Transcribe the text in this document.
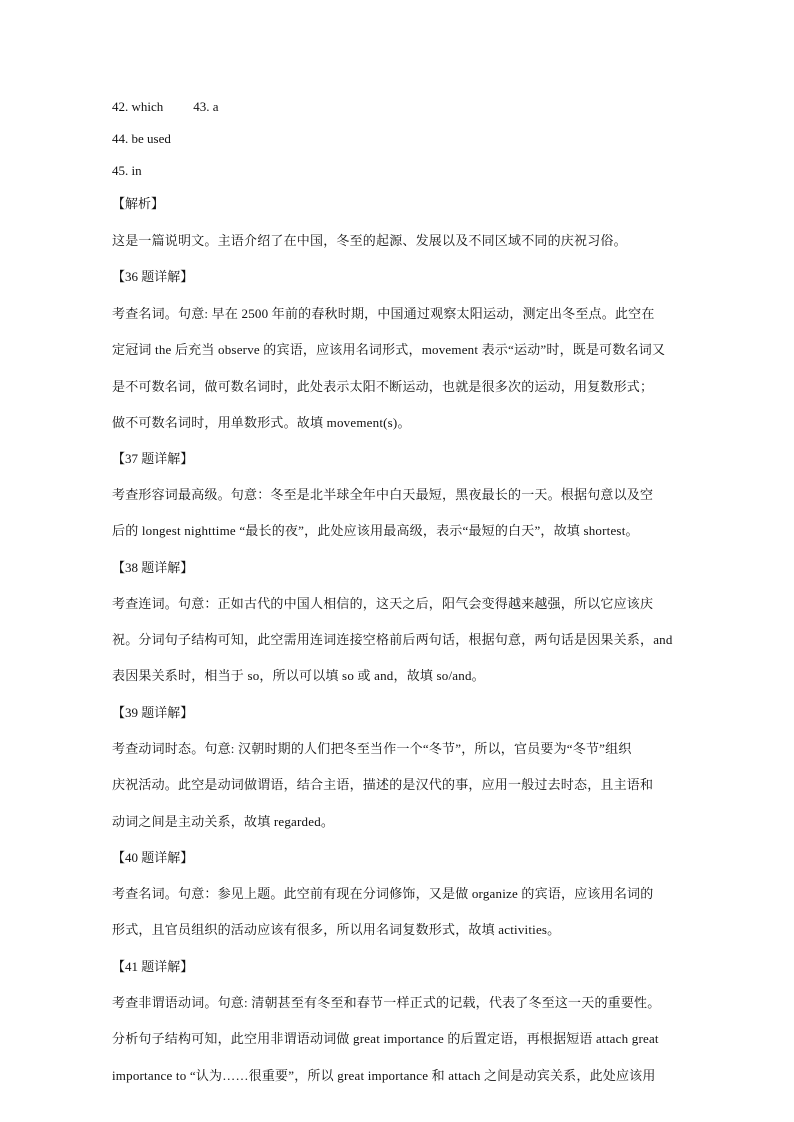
42. which 43. a
44. be used
45. in
【解析】
这是一篇说明文。主语介绍了在中国，冬至的起源、发展以及不同区域不同的庆祝习俗。
【36 题详解】
考查名词。句意: 早在 2500 年前的春秋时期，中国通过观察太阳运动，测定出冬至点。此空在
定冠词 the 后充当 observe 的宾语，应该用名词形式，movement 表示“运动”时，既是可数名词又
是不可数名词，做可数名词时，此处表示太阳不断运动，也就是很多次的运动，用复数形式；
做不可数名词时，用单数形式。故填 movement(s)。
【37 题详解】
考查形容词最高级。句意：冬至是北半球全年中白天最短，黑夜最长的一天。根据句意以及空
后的 longest nighttime “最长的夜”，此处应该用最高级，表示“最短的白天”，故填 shortest。
【38 题详解】
考查连词。句意：正如古代的中国人相信的，这天之后，阳气会变得越来越强，所以它应该庆
祝。分词句子结构可知，此空需用连词连接空格前后两句话，根据句意，两句话是因果关系，and
表因果关系时，相当于 so，所以可以填 so 或 and，故填 so/and。
【39 题详解】
考查动词时态。句意: 汉朝时期的人们把冬至当作一个“冬节”，所以，官员要为“冬节”组织
庆祝活动。此空是动词做谓语，结合主语，描述的是汉代的事，应用一般过去时态，且主语和
动词之间是主动关系，故填 regarded。
【40 题详解】
考查名词。句意：参见上题。此空前有现在分词修饰，又是做 organize 的宾语，应该用名词的
形式，且官员组织的活动应该有很多，所以用名词复数形式，故填 activities。
【41 题详解】
考查非谓语动词。句意: 清朝甚至有冬至和春节一样正式的记载，代表了冬至这一天的重要性。
分析句子结构可知，此空用非谓语动词做 great importance 的后置定语，再根据短语 attach great
importance to “认为……很重要”，所以 great importance 和 attach 之间是动宾关系，此处应该用
